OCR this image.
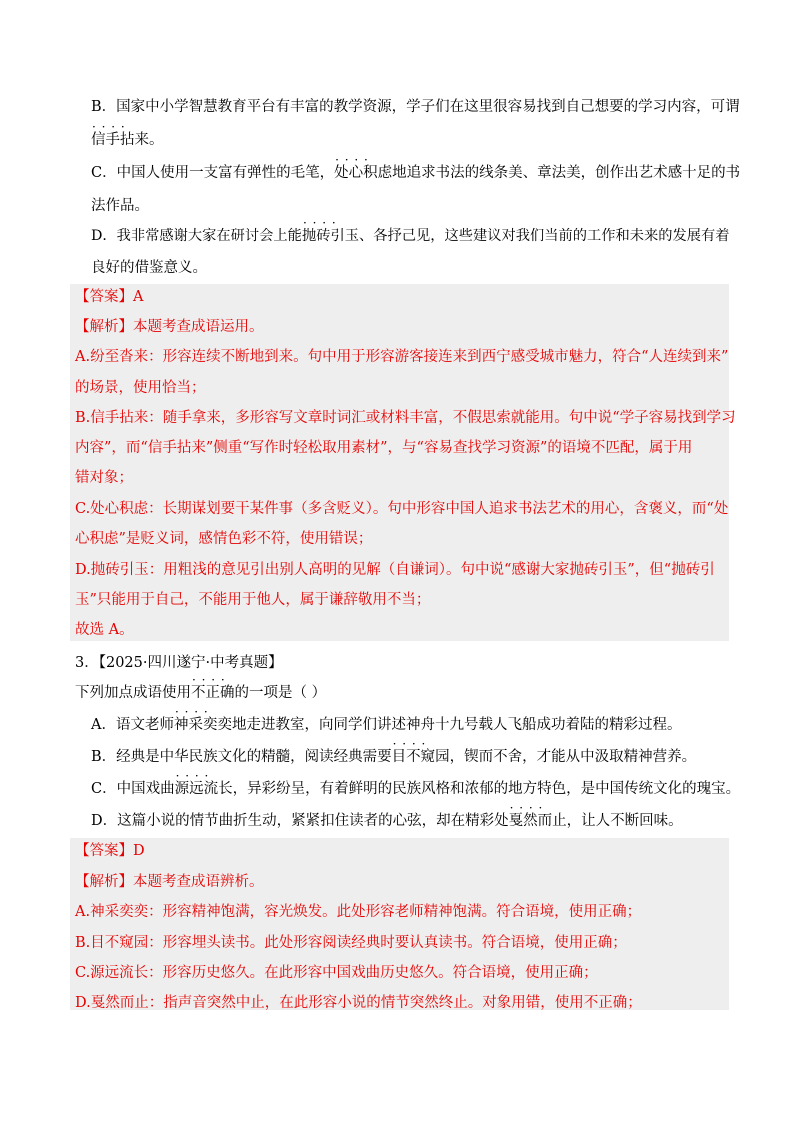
B．国家中小学智慧教育平台有丰富的教学资源，学子们在这里很容易找到自己想要的学习内容，可谓
· · · · 信手拈来。
C．中国人使用一支富有弹性的毛笔，· · · · 处心积虑地追求书法的线条美、章法美，创作出艺术感十足的书
法作品。
D．我非常感谢大家在研讨会上能· · · · 抛砖引玉、各抒己见，这些建议对我们当前的工作和未来的发展有着
良好的借鉴意义。
【答案】A
【解析】本题考查成语运用。
A.纷至沓来：形容连续不断地到来。句中用于形容游客接连来到西宁感受城市魅力，符合“人连续到来”
的场景，使用恰当；
B.信手拈来：随手拿来，多形容写文章时词汇或材料丰富，不假思索就能用。句中说“学子容易找到学习
内容”，而“信手拈来”侧重“写作时轻松取用素材”，与“容易查找学习资源”的语境不匹配，属于用
错对象；
C.处心积虑：长期谋划要干某件事（多含贬义）。句中形容中国人追求书法艺术的用心，含褒义，而“处
心积虑”是贬义词，感情色彩不符，使用错误；
D.抛砖引玉：用粗浅的意见引出别人高明的见解（自谦词）。句中说“感谢大家抛砖引玉”，但“抛砖引
玉”只能用于自己，不能用于他人，属于谦辞敬用不当；
故选 A。
3．【2025·四川遂宁·中考真题】
下列加点成语使用· · · · 不正确的一项是（ ）
A．语文老师· · · · 神采奕奕地走进教室，向同学们讲述神舟十九号载人飞船成功着陆的精彩过程。
B．经典是中华民族文化的精髓，阅读经典需要· · · · 目不窥园，锲而不舍，才能从中汲取精神营养。
C．中国戏曲· · · · 源远流长，异彩纷呈，有着鲜明的民族风格和浓郁的地方特色，是中国传统文化的瑰宝。
D．这篇小说的情节曲折生动，紧紧扣住读者的心弦，却在精彩处· · · · 戛然而止，让人不断回味。
【答案】D
【解析】本题考查成语辨析。
A.神采奕奕：形容精神饱满，容光焕发。此处形容老师精神饱满。符合语境，使用正确；
B.目不窥园：形容埋头读书。此处形容阅读经典时要认真读书。符合语境，使用正确；
C.源远流长：形容历史悠久。在此形容中国戏曲历史悠久。符合语境，使用正确；
D.戛然而止：指声音突然中止，在此形容小说的情节突然终止。对象用错，使用不正确；
